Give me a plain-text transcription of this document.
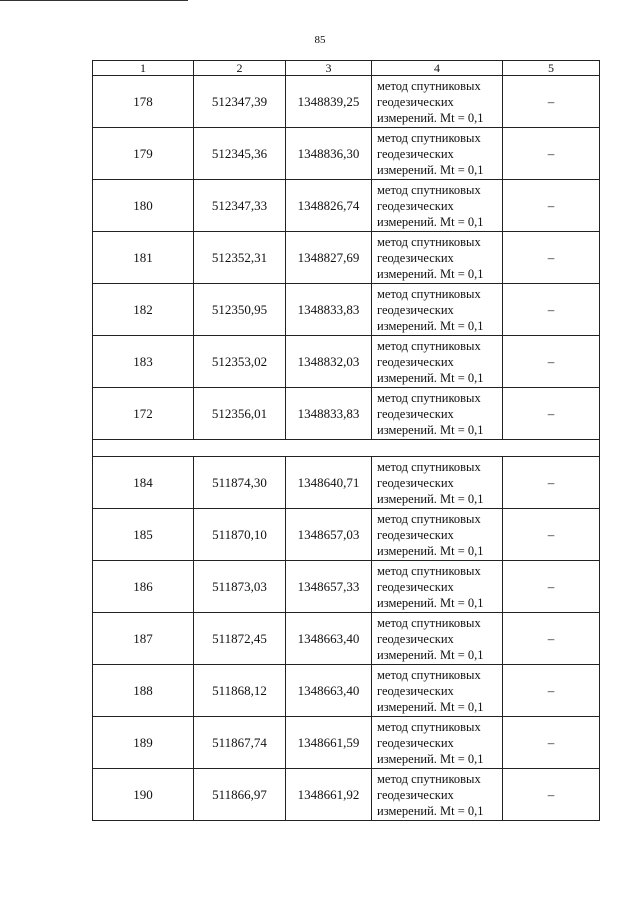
85
1	2	3	4	5
178	512347,39	1348839,25	метод спутниковых
геодезических
измерений. Mt = 0,1	–
179	512345,36	1348836,30	метод спутниковых
геодезических
измерений. Mt = 0,1	–
180	512347,33	1348826,74	метод спутниковых
геодезических
измерений. Mt = 0,1	–
181	512352,31	1348827,69	метод спутниковых
геодезических
измерений. Mt = 0,1	–
182	512350,95	1348833,83	метод спутниковых
геодезических
измерений. Mt = 0,1	–
183	512353,02	1348832,03	метод спутниковых
геодезических
измерений. Mt = 0,1	–
172	512356,01	1348833,83	метод спутниковых
геодезических
измерений. Mt = 0,1	–

184	511874,30	1348640,71	метод спутниковых
геодезических
измерений. Mt = 0,1	–
185	511870,10	1348657,03	метод спутниковых
геодезических
измерений. Mt = 0,1	–
186	511873,03	1348657,33	метод спутниковых
геодезических
измерений. Mt = 0,1	–
187	511872,45	1348663,40	метод спутниковых
геодезических
измерений. Mt = 0,1	–
188	511868,12	1348663,40	метод спутниковых
геодезических
измерений. Mt = 0,1	–
189	511867,74	1348661,59	метод спутниковых
геодезических
измерений. Mt = 0,1	–
190	511866,97	1348661,92	метод спутниковых
геодезических
измерений. Mt = 0,1	–
